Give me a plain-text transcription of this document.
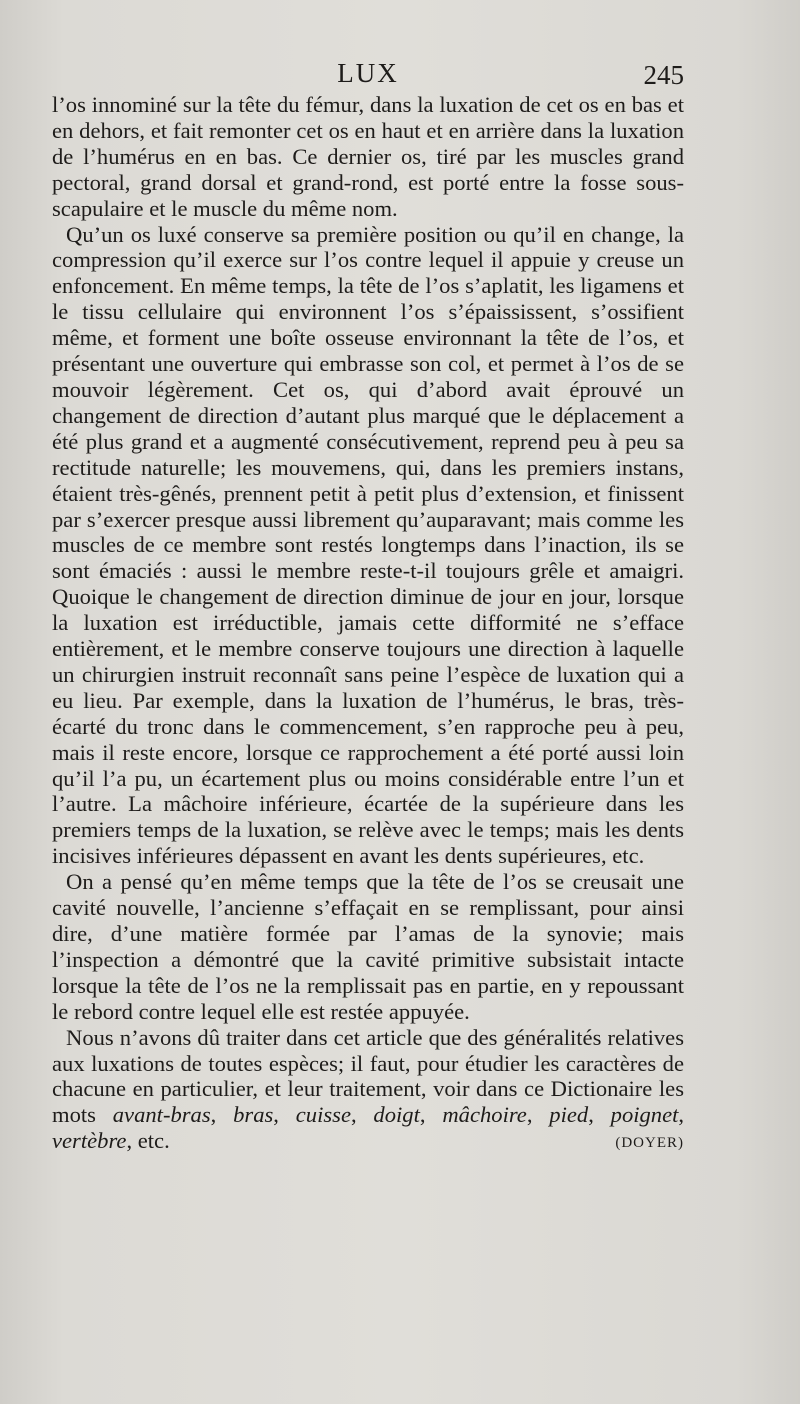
LUX	245

l’os innominé sur la tête du fémur, dans la luxation de cet os en bas et en dehors, et fait remonter cet os en haut et en arrière dans la luxation de l’humérus en en bas. Ce dernier os, tiré par les muscles grand pectoral, grand dorsal et grand-rond, est porté entre la fosse sous-scapulaire et le muscle du même nom.

Qu’un os luxé conserve sa première position ou qu’il en change, la compression qu’il exerce sur l’os contre lequel il appuie y creuse un enfoncement. En même temps, la tête de l’os s’aplatit, les ligamens et le tissu cellulaire qui environnent l’os s’épaississent, s’ossifient même, et forment une boîte osseuse environnant la tête de l’os, et présentant une ouverture qui embrasse son col, et permet à l’os de se mouvoir légèrement. Cet os, qui d’abord avait éprouvé un changement de direction d’autant plus marqué que le déplacement a été plus grand et a augmenté consécutivement, reprend peu à peu sa rectitude naturelle; les mouvemens, qui, dans les premiers instans, étaient très-gênés, prennent petit à petit plus d’extension, et finissent par s’exercer presque aussi librement qu’auparavant; mais comme les muscles de ce membre sont restés longtemps dans l’inaction, ils se sont émaciés : aussi le membre reste-t-il toujours grêle et amaigri. Quoique le changement de direction diminue de jour en jour, lorsque la luxation est irréductible, jamais cette difformité ne s’efface entièrement, et le membre conserve toujours une direction à laquelle un chirurgien instruit reconnaît sans peine l’espèce de luxation qui a eu lieu. Par exemple, dans la luxation de l’humérus, le bras, très-écarté du tronc dans le commencement, s’en rapproche peu à peu, mais il reste encore, lorsque ce rapprochement a été porté aussi loin qu’il l’a pu, un écartement plus ou moins considérable entre l’un et l’autre. La mâchoire inférieure, écartée de la supérieure dans les premiers temps de la luxation, se relève avec le temps; mais les dents incisives inférieures dépassent en avant les dents supérieures, etc.

On a pensé qu’en même temps que la tête de l’os se creusait une cavité nouvelle, l’ancienne s’effaçait en se remplissant, pour ainsi dire, d’une matière formée par l’amas de la synovie; mais l’inspection a démontré que la cavité primitive subsistait intacte lorsque la tête de l’os ne la remplissait pas en partie, en y repoussant le rebord contre lequel elle est restée appuyée.

Nous n’avons dû traiter dans cet article que des généralités relatives aux luxations de toutes espèces; il faut, pour étudier les caractères de chacune en particulier, et leur traitement, voir dans ce Dictionaire les mots avant-bras, bras, cuisse, doigt, mâchoire, pied, poignet, vertèbre, etc.	(DOYER)
